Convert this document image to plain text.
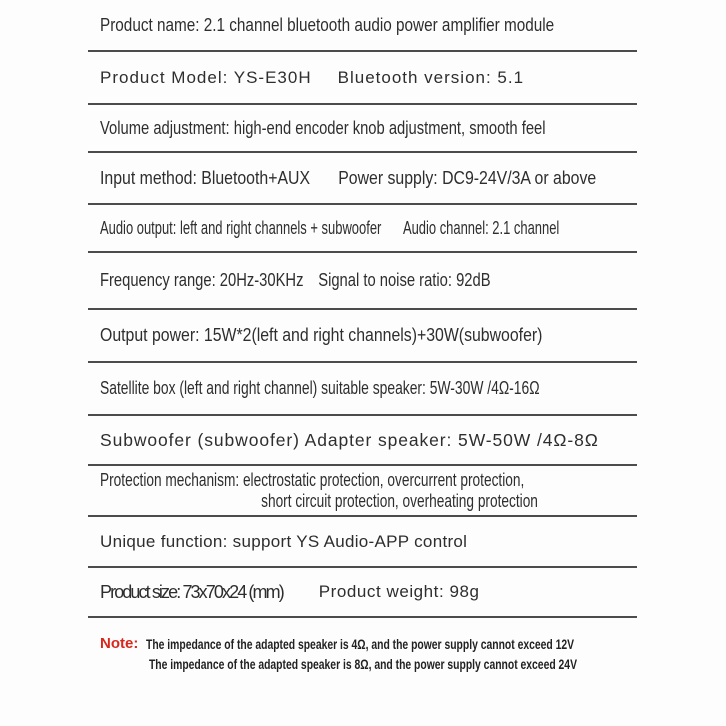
Product name: 2.1 channel bluetooth audio power amplifier module
Product Model: YS-E30H Bluetooth version: 5.1
Volume adjustment: high-end encoder knob adjustment, smooth feel
Input method: Bluetooth+AUX Power supply: DC9-24V/3A or above
Audio output: left and right channels + subwoofer Audio channel: 2.1 channel
Frequency range: 20Hz-30KHz Signal to noise ratio: 92dB
Output power: 15W*2(left and right channels)+30W(subwoofer)
Satellite box (left and right channel) suitable speaker: 5W-30W /4Ω-16Ω
Subwoofer (subwoofer) Adapter speaker: 5W-50W /4Ω-8Ω
Protection mechanism: electrostatic protection, overcurrent protection,
short circuit protection, overheating protection
Unique function: support YS Audio-APP control
Product size: 73x70x24 (mm) Product weight: 98g
Note: The impedance of the adapted speaker is 4Ω, and the power supply cannot exceed 12V
The impedance of the adapted speaker is 8Ω, and the power supply cannot exceed 24V
